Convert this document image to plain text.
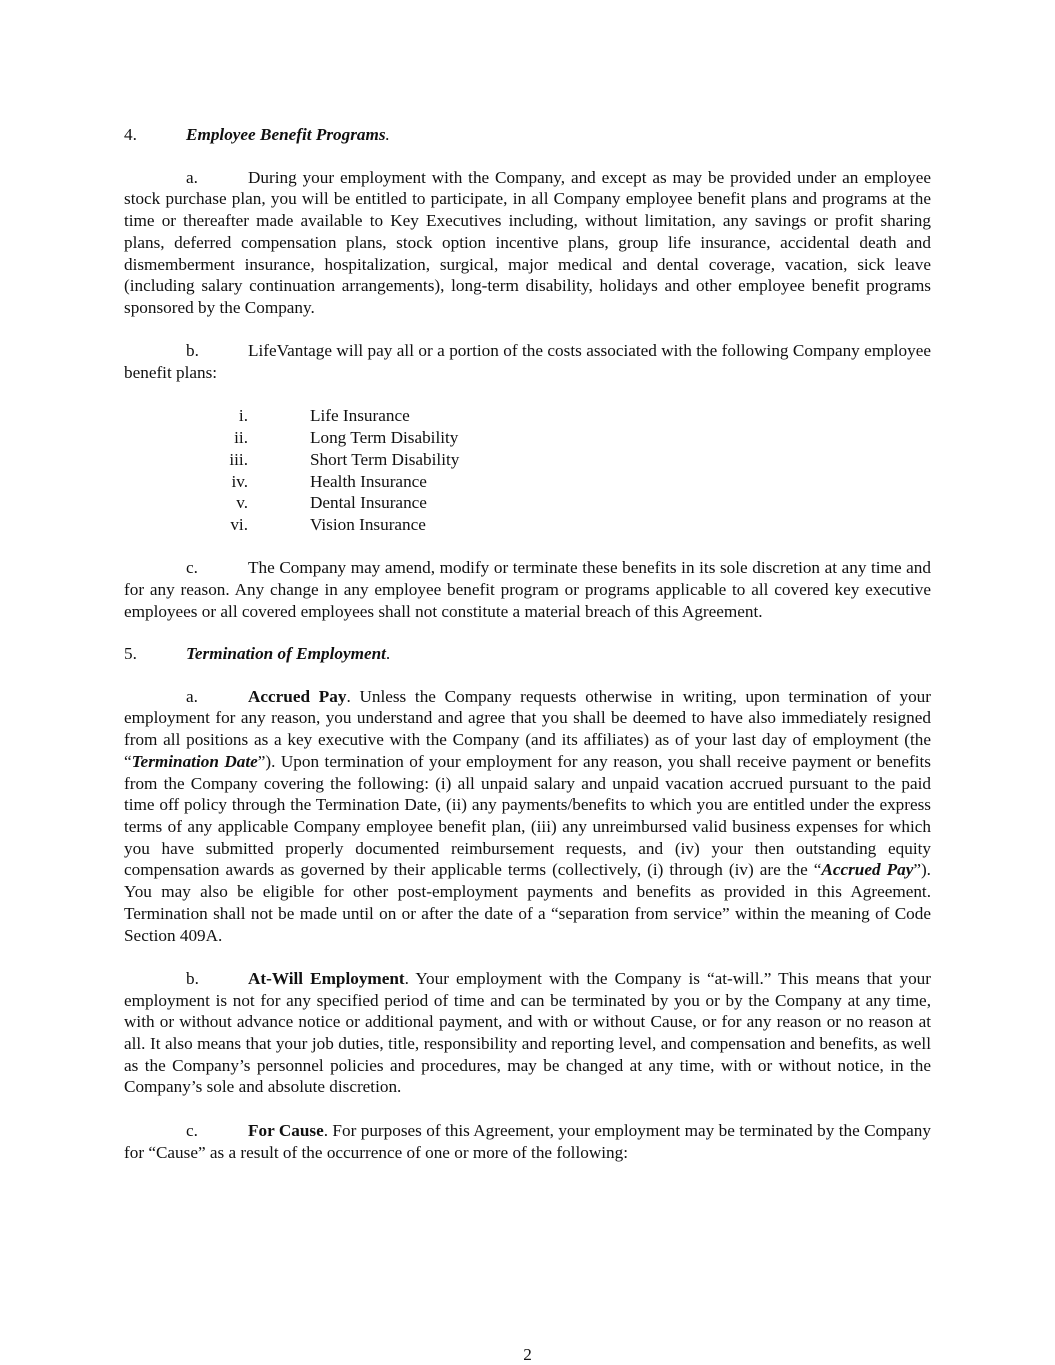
4.	Employee Benefit Programs.

a.	During your employment with the Company, and except as may be provided under an employee stock purchase plan, you will be entitled to participate, in all Company employee benefit plans and programs at the time or thereafter made available to Key Executives including, without limitation, any savings or profit sharing plans, deferred compensation plans, stock option incentive plans, group life insurance, accidental death and dismemberment insurance, hospitalization, surgical, major medical and dental coverage, vacation, sick leave (including salary continuation arrangements), long-term disability, holidays and other employee benefit programs sponsored by the Company.

b.	LifeVantage will pay all or a portion of the costs associated with the following Company employee benefit plans:

i.	Life Insurance
ii.	Long Term Disability
iii.	Short Term Disability
iv.	Health Insurance
v.	Dental Insurance
vi.	Vision Insurance

c.	The Company may amend, modify or terminate these benefits in its sole discretion at any time and for any reason. Any change in any employee benefit program or programs applicable to all covered key executive employees or all covered employees shall not constitute a material breach of this Agreement.

5.	Termination of Employment.

a.	Accrued Pay. Unless the Company requests otherwise in writing, upon termination of your employment for any reason, you understand and agree that you shall be deemed to have also immediately resigned from all positions as a key executive with the Company (and its affiliates) as of your last day of employment (the “Termination Date”). Upon termination of your employment for any reason, you shall receive payment or benefits from the Company covering the following: (i) all unpaid salary and unpaid vacation accrued pursuant to the paid time off policy through the Termination Date, (ii) any payments/benefits to which you are entitled under the express terms of any applicable Company employee benefit plan, (iii) any unreimbursed valid business expenses for which you have submitted properly documented reimbursement requests, and (iv) your then outstanding equity compensation awards as governed by their applicable terms (collectively, (i) through (iv) are the “Accrued Pay”). You may also be eligible for other post-employment payments and benefits as provided in this Agreement. Termination shall not be made until on or after the date of a “separation from service” within the meaning of Code Section 409A.

b.	At-Will Employment. Your employment with the Company is “at-will.” This means that your employment is not for any specified period of time and can be terminated by you or by the Company at any time, with or without advance notice or additional payment, and with or without Cause, or for any reason or no reason at all. It also means that your job duties, title, responsibility and reporting level, and compensation and benefits, as well as the Company’s personnel policies and procedures, may be changed at any time, with or without notice, in the Company’s sole and absolute discretion.

c.	For Cause. For purposes of this Agreement, your employment may be terminated by the Company for “Cause” as a result of the occurrence of one or more of the following:

2
